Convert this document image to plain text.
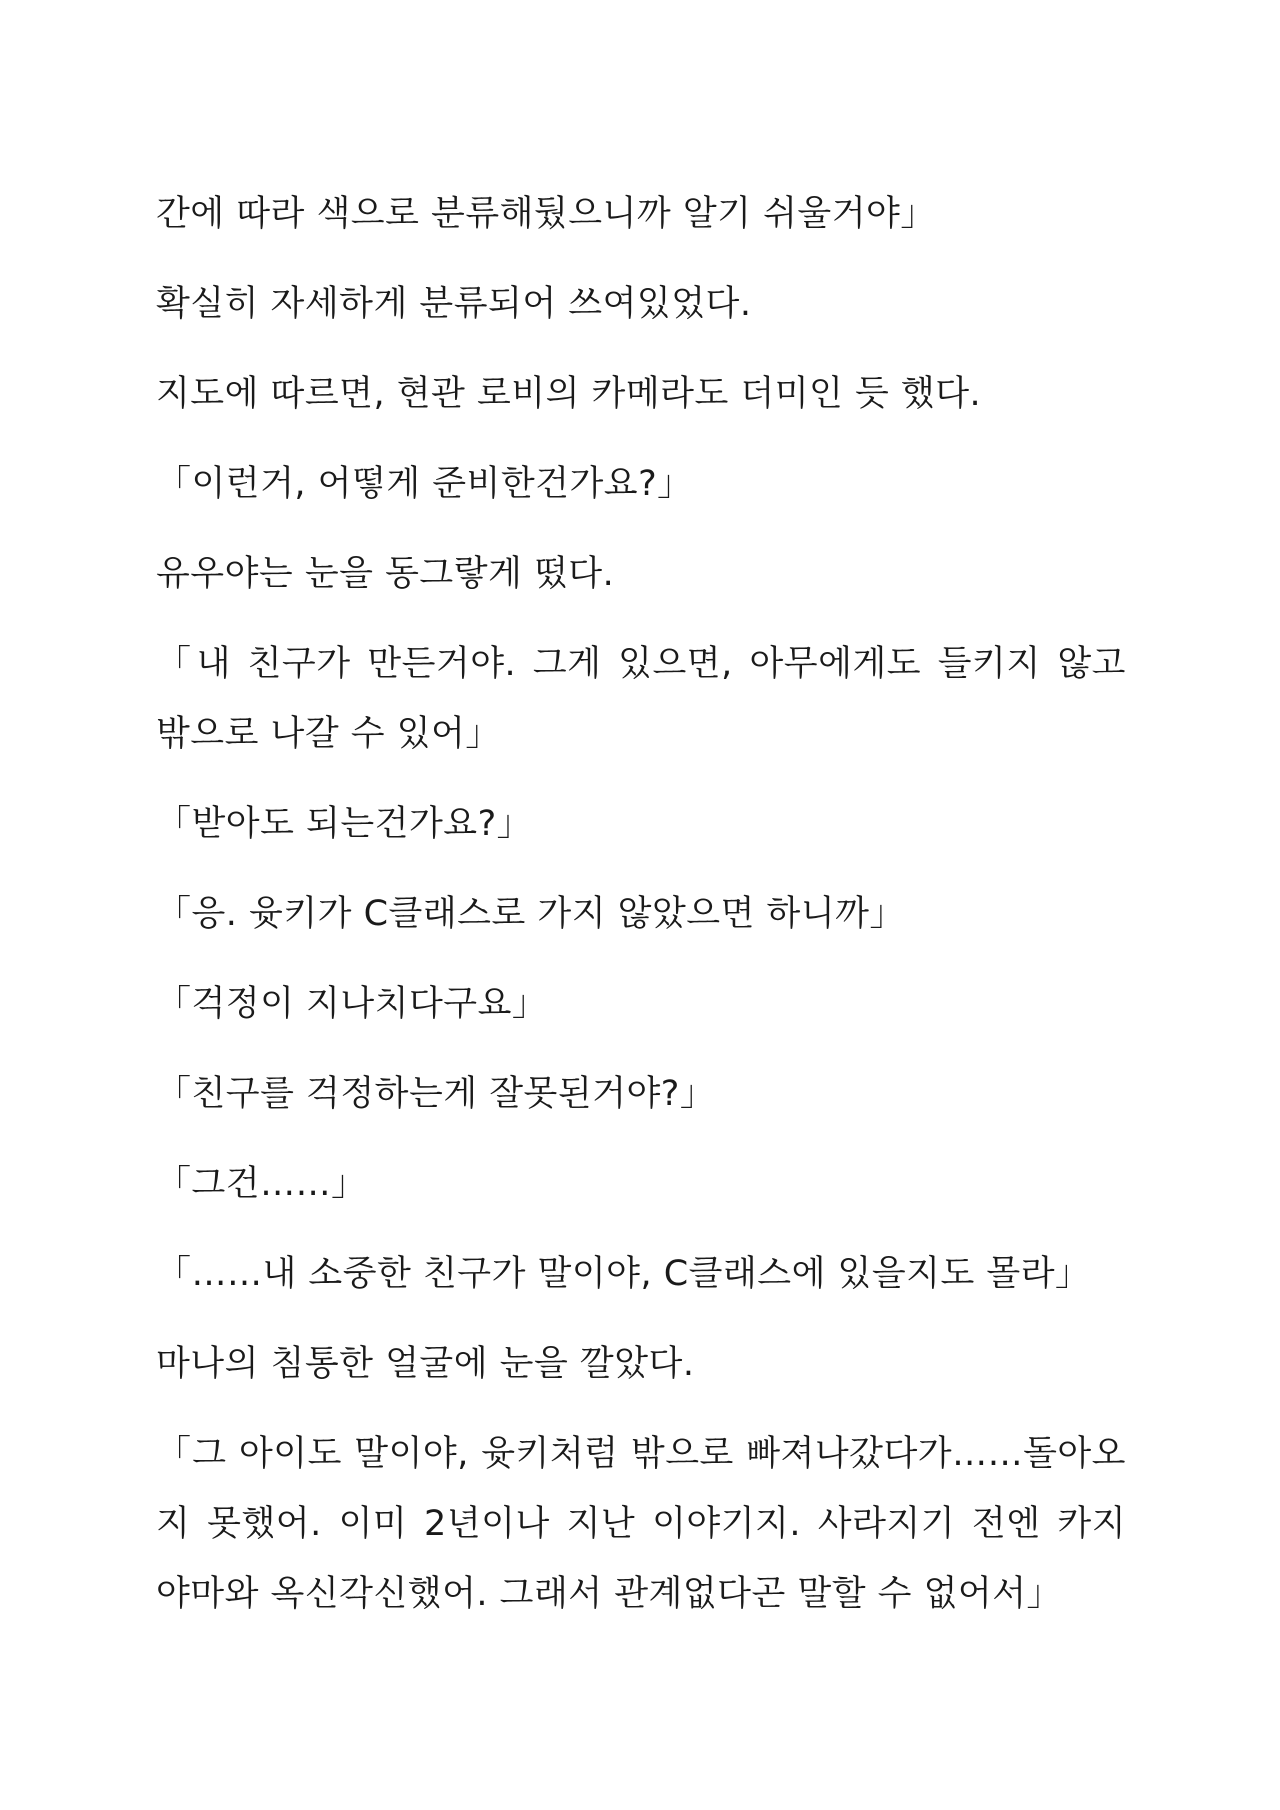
간에 따라 색으로 분류해뒀으니까 알기 쉬울거야」
확실히 자세하게 분류되어 쓰여있었다.
지도에 따르면, 현관 로비의 카메라도 더미인 듯 했다.
「이런거, 어떻게 준비한건가요?」
유우야는 눈을 동그랗게 떴다.
「내 친구가 만든거야. 그게 있으면, 아무에게도 들키지 않고
밖으로 나갈 수 있어」
「받아도 되는건가요?」
「응. 윳키가 C클래스로 가지 않았으면 하니까」
「걱정이 지나치다구요」
「친구를 걱정하는게 잘못된거야?」
「그건……」
「……내 소중한 친구가 말이야, C클래스에 있을지도 몰라」
마나의 침통한 얼굴에 눈을 깔았다.
「그 아이도 말이야, 윳키처럼 밖으로 빠져나갔다가……돌아오
지 못했어. 이미 2년이나 지난 이야기지. 사라지기 전엔 카지
야마와 옥신각신했어. 그래서 관계없다곤 말할 수 없어서」
